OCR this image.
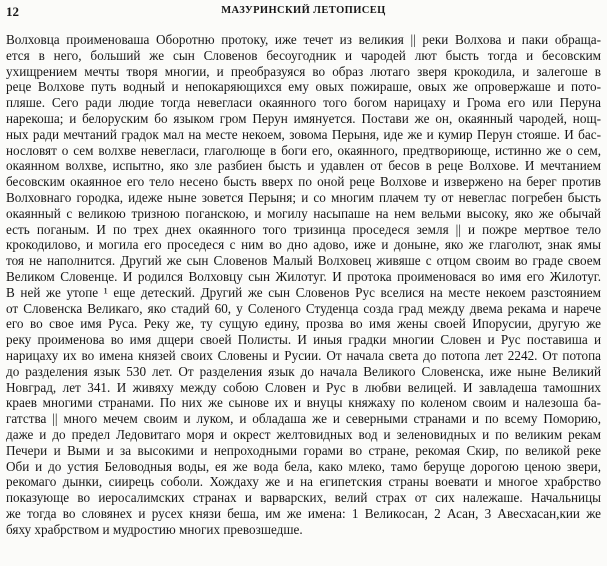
12	МАЗУРИНСКИЙ ЛЕТОПИСЕЦ
Волховца проименоваша Оборотню протоку, иже течет из великия || реки Волхова и паки обраща-
ется в него, больший же сын Словенов бесоугодник и чародей лют бысть тогда и бесовским
ухищрением мечты творя многии, и преобразуяся во образ лютаго зверя крокодила, и залегоше в
реце Волхове путь водный и непокаряющихся ему овых пожираше, овых же опровержаше и пото-
пляше. Сего ради людие тогда невегласи окаянного того богом нарицаху и Грома его или Перуна
нарекоша; и белоруским бо языком гром Перун имянуется. Постави же он, окаянный чародей, нощ-
ных ради мечтаний градок мал на месте некоем, зовома Перыня, иде же и кумир Перун стояше. И бас-
нословят о сем волхве невегласи, глаголюще в боги его, окаянного, предтвориюще, истинно же о сем,
окаянном волхве, испытно, яко зле разбиен бысть и удавлен от бесов в реце Волхове. И мечтанием
бесовским окаянное его тело несено бысть вверх по оной реце Волхове и извержено на берег против
Волховнаго городка, идеже ныне зовется Перыня; и со многим плачем ту от невеглас погребен бысть
окаянный с великою тризною поганскою, и могилу насыпаше на нем вельми высоку, яко же обычай
есть поганым. И по трех днех окаянного того тризинца проседеся земля || и пожре мертвое тело
крокодилово, и могила его проседеся с ним во дно адово, иже и доныне, яко же глаголют, знак ямы
тоя не наполнится. Другий же сын Словенов Малый Волховец живяше с отцом своим во граде своем
Великом Словенце. И родился Волховцу сын Жилотуг. И протока проименовася во имя его Жилотуг.
В ней же утопе ¹ еще детеский. Другий же сын Словенов Рус вселися на месте некоем разстоянием
от Словенска Великаго, яко стадий 60, у Соленого Студенца созда град между двема рекама и нарече
его во свое имя Руса. Реку же, ту сущую едину, прозва во имя жены своей Ипорусии, другую же
реку проименова во имя дщери своей Полисты. И иныя градки многии Словен и Рус поставиша и
нарицаху их во имена князей своих Словены и Русии. От начала света до потопа лет 2242. От потопа
до разделения язык 530 лет. От разделения язык до начала Великого Словенска, иже ныне Великий
Новград, лет 341. И живяху между собою Словен и Рус в любви велицей. И завладеша тамошних
краев многими странами. По них же сынове их и внуцы княжаху по коленом своим и налезоша ба-
гатства || много мечем своим и луком, и обладаша же и северными странами и по всему Поморию,
даже и до предел Ледовитаго моря и окрест желтовидных вод и зеленовидных и по великим рекам
Печери и Выми и за высокими и непроходными горами во стране, рекомая Скир, по великой реке
Оби и до устия Беловодныя воды, ея же вода бела, како млеко, тамо беруще дорогою ценою звери,
рекомаго дынки, сиирець соболи. Хождаху же и на египетския страны воевати и многое храбрство
показующе во иеросалимских странах и варварских, велий страх от сих належаше. Начальницы
же тогда во словянех и русех князи беша, им же имена: 1 Великосан, 2 Асан, 3 Авесхасан,кии же
бяху храбрством и мудростию многих превозшедше.
